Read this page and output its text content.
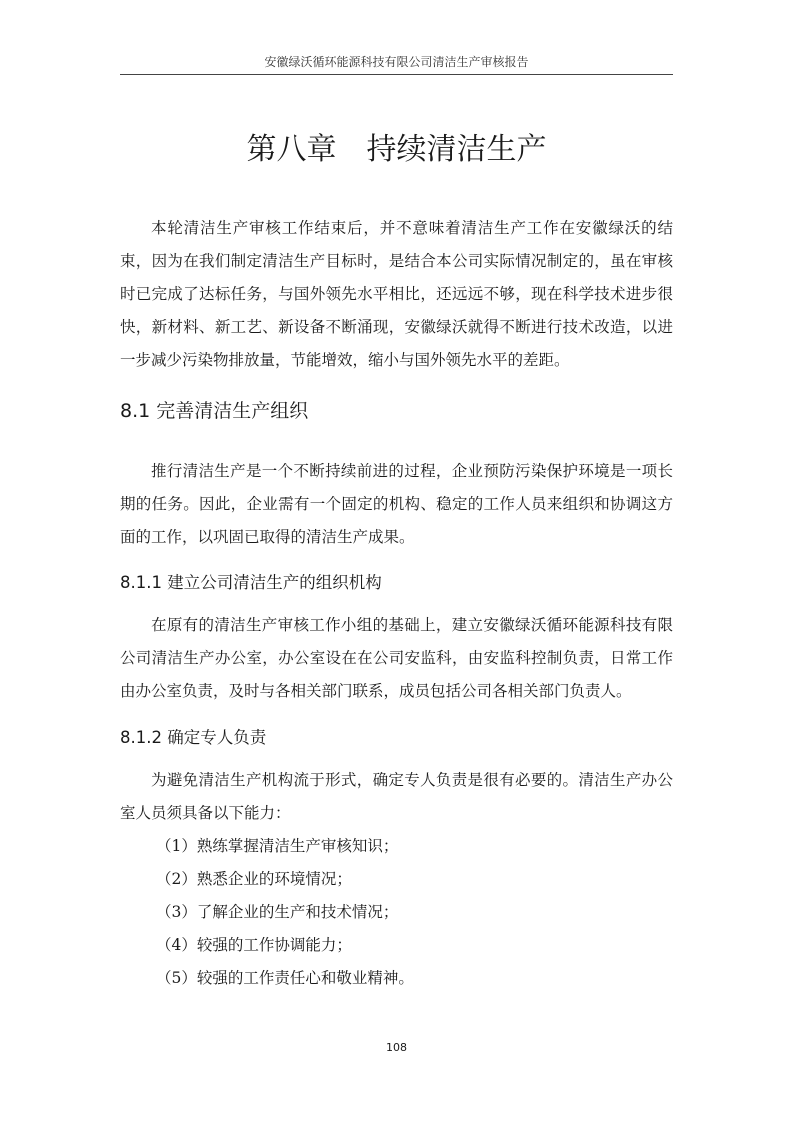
安徽绿沃循环能源科技有限公司清洁生产审核报告
第八章　持续清洁生产

本轮清洁生产审核工作结束后，并不意味着清洁生产工作在安徽绿沃的结束，因为在我们制定清洁生产目标时，是结合本公司实际情况制定的，虽在审核时已完成了达标任务，与国外领先水平相比，还远远不够，现在科学技术进步很快，新材料、新工艺、新设备不断涌现，安徽绿沃就得不断进行技术改造，以进一步减少污染物排放量，节能增效，缩小与国外领先水平的差距。

8.1 完善清洁生产组织

推行清洁生产是一个不断持续前进的过程，企业预防污染保护环境是一项长期的任务。因此，企业需有一个固定的机构、稳定的工作人员来组织和协调这方面的工作，以巩固已取得的清洁生产成果。

8.1.1 建立公司清洁生产的组织机构

在原有的清洁生产审核工作小组的基础上，建立安徽绿沃循环能源科技有限公司清洁生产办公室，办公室设在在公司安监科，由安监科控制负责，日常工作由办公室负责，及时与各相关部门联系，成员包括公司各相关部门负责人。

8.1.2 确定专人负责

为避免清洁生产机构流于形式，确定专人负责是很有必要的。清洁生产办公室人员须具备以下能力：

（1）熟练掌握清洁生产审核知识；
（2）熟悉企业的环境情况；
（3）了解企业的生产和技术情况；
（4）较强的工作协调能力；
（5）较强的工作责任心和敬业精神。
108
